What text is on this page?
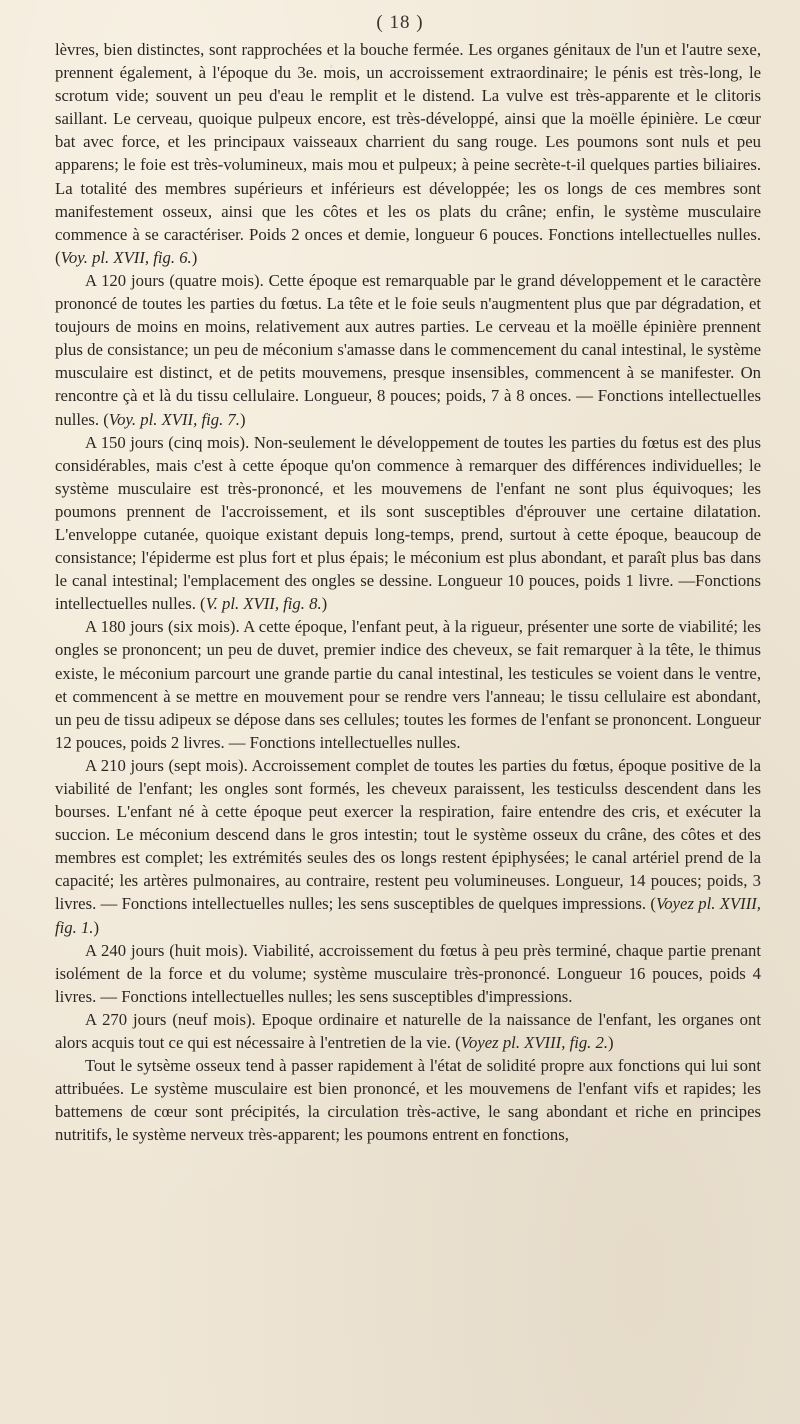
( 18 )

lèvres, bien distinctes, sont rapprochées et la bouche fermée. Les organes génitaux de l'un et l'autre sexe, prennent également, à l'époque du 3e. mois, un accroissement extraordinaire; le pénis est très-long, le scrotum vide; souvent un peu d'eau le remplit et le distend. La vulve est très-apparente et le clitoris saillant. Le cerveau, quoique pulpeux encore, est très-développé, ainsi que la moëlle épinière. Le cœur bat avec force, et les principaux vaisseaux charrient du sang rouge. Les poumons sont nuls et peu apparens; le foie est très-volumineux, mais mou et pulpeux; à peine secrète-t-il quelques parties biliaires. La totalité des membres supérieurs et inférieurs est développée; les os longs de ces membres sont manifestement osseux, ainsi que les côtes et les os plats du crâne; enfin, le système musculaire commence à se caractériser. Poids 2 onces et demie, longueur 6 pouces. Fonctions intellectuelles nulles. (Voy. pl. XVII, fig. 6.)

A 120 jours (quatre mois). Cette époque est remarquable par le grand développement et le caractère prononcé de toutes les parties du fœtus. La tête et le foie seuls n'augmentent plus que par dégradation, et toujours de moins en moins, relativement aux autres parties. Le cerveau et la moëlle épinière prennent plus de consistance; un peu de méconium s'amasse dans le commencement du canal intestinal, le système musculaire est distinct, et de petits mouvemens, presque insensibles, commencent à se manifester. On rencontre çà et là du tissu cellulaire. Longueur, 8 pouces; poids, 7 à 8 onces. — Fonctions intellectuelles nulles. (Voy. pl. XVII, fig. 7.)

A 150 jours (cinq mois). Non-seulement le développement de toutes les parties du fœtus est des plus considérables, mais c'est à cette époque qu'on commence à remarquer des différences individuelles; le système musculaire est très-prononcé, et les mouvemens de l'enfant ne sont plus équivoques; les poumons prennent de l'accroissement, et ils sont susceptibles d'éprouver une certaine dilatation. L'enveloppe cutanée, quoique existant depuis long-temps, prend, surtout à cette époque, beaucoup de consistance; l'épiderme est plus fort et plus épais; le méconium est plus abondant, et paraît plus bas dans le canal intestinal; l'emplacement des ongles se dessine. Longueur 10 pouces, poids 1 livre. —Fonctions intellectuelles nulles. (V. pl. XVII, fig. 8.)

A 180 jours (six mois). A cette époque, l'enfant peut, à la rigueur, présenter une sorte de viabilité; les ongles se prononcent; un peu de duvet, premier indice des cheveux, se fait remarquer à la tête, le thimus existe, le méconium parcourt une grande partie du canal intestinal, les testicules se voient dans le ventre, et commencent à se mettre en mouvement pour se rendre vers l'anneau; le tissu cellulaire est abondant, un peu de tissu adipeux se dépose dans ses cellules; toutes les formes de l'enfant se prononcent. Longueur 12 pouces, poids 2 livres. — Fonctions intellectuelles nulles.

A 210 jours (sept mois). Accroissement complet de toutes les parties du fœtus, époque positive de la viabilité de l'enfant; les ongles sont formés, les cheveux paraissent, les testiculss descendent dans les bourses. L'enfant né à cette époque peut exercer la respiration, faire entendre des cris, et exécuter la succion. Le méconium descend dans le gros intestin; tout le système osseux du crâne, des côtes et des membres est complet; les extrémités seules des os longs restent épiphysées; le canal artériel prend de la capacité; les artères pulmonaires, au contraire, restent peu volumineuses. Longueur, 14 pouces; poids, 3 livres. — Fonctions intellectuelles nulles; les sens susceptibles de quelques impressions. (Voyez pl. XVIII, fig. 1.)

A 240 jours (huit mois). Viabilité, accroissement du fœtus à peu près terminé, chaque partie prenant isolément de la force et du volume; système musculaire très-prononcé. Longueur 16 pouces, poids 4 livres. — Fonctions intellectuelles nulles; les sens susceptibles d'impressions.

A 270 jours (neuf mois). Epoque ordinaire et naturelle de la naissance de l'enfant, les organes ont alors acquis tout ce qui est nécessaire à l'entretien de la vie. (Voyez pl. XVIII, fig. 2.)

Tout le sytsème osseux tend à passer rapidement à l'état de solidité propre aux fonctions qui lui sont attribuées. Le système musculaire est bien prononcé, et les mouvemens de l'enfant vifs et rapides; les battemens de cœur sont précipités, la circulation très-active, le sang abondant et riche en principes nutritifs, le système nerveux très-apparent; les poumons entrent en fonctions,
